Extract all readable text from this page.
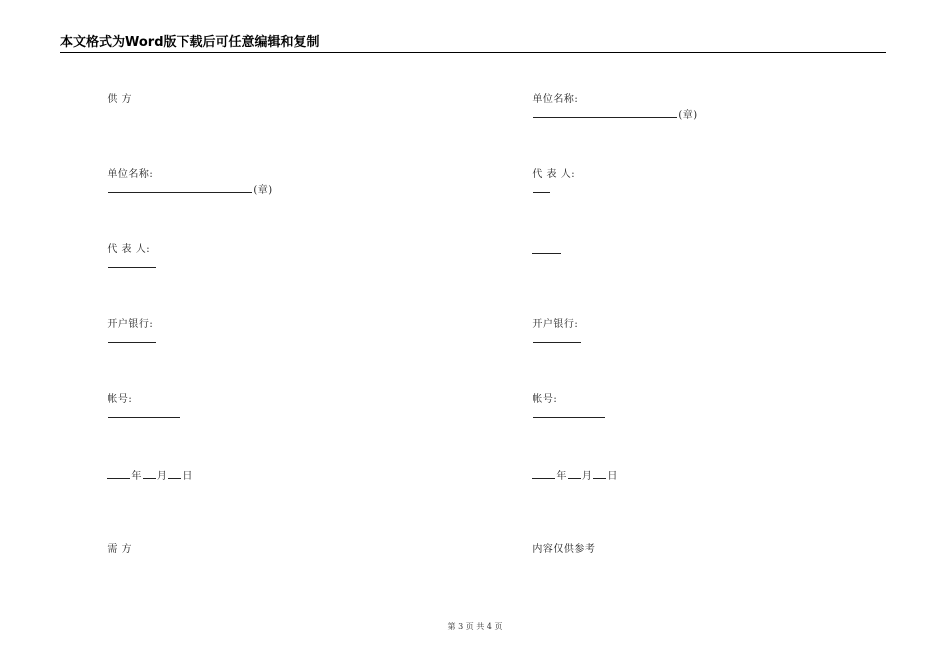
本文格式为Word版下载后可任意编辑和复制

供 方

单位名称:
(章)

代 表 人:

开户银行:

帐号:

年 月 日

需 方

单位名称:
(章)

代 表 人:

开户银行:

帐号:

年 月 日

内容仅供参考

第 3 页 共 4 页
